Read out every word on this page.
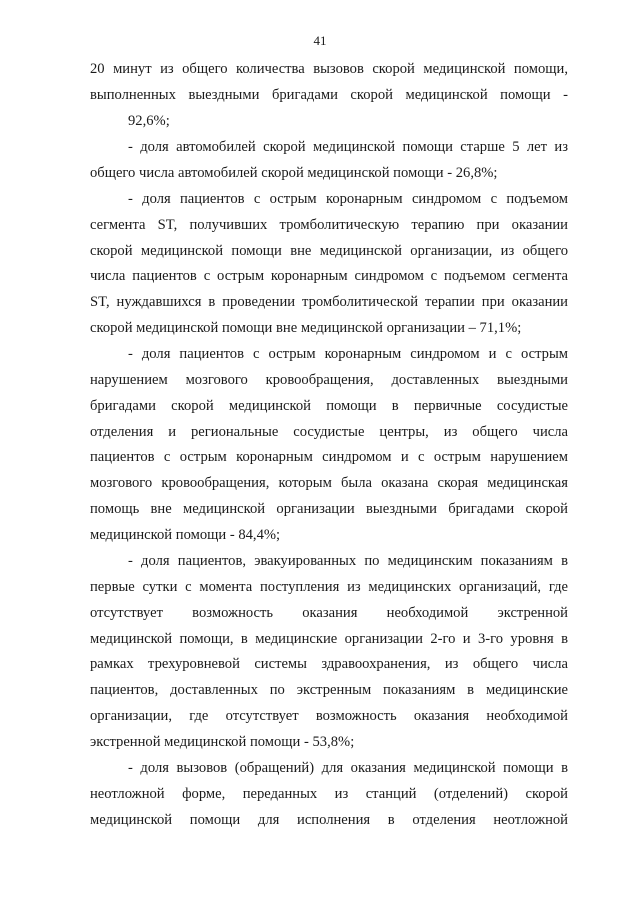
41
20 минут из общего количества вызовов скорой медицинской помощи,
выполненных выездными бригадами скорой медицинской помощи -
92,6%;
- доля автомобилей скорой медицинской помощи старше 5 лет из
общего числа автомобилей скорой медицинской помощи - 26,8%;
- доля пациентов с острым коронарным синдромом с подъемом
сегмента ST, получивших тромболитическую терапию при оказании
скорой медицинской помощи вне медицинской организации, из общего
числа пациентов с острым коронарным синдромом с подъемом сегмента
ST, нуждавшихся в проведении тромболитической терапии при оказании
скорой медицинской помощи вне медицинской организации – 71,1%;
- доля пациентов с острым коронарным синдромом и с острым
нарушением мозгового кровообращения, доставленных выездными
бригадами скорой медицинской помощи в первичные сосудистые
отделения и региональные сосудистые центры, из общего числа
пациентов с острым коронарным синдромом и с острым нарушением
мозгового кровообращения, которым была оказана скорая медицинская
помощь вне медицинской организации выездными бригадами скорой
медицинской помощи - 84,4%;
- доля пациентов, эвакуированных по медицинским показаниям в
первые сутки с момента поступления из медицинских организаций, где
отсутствует возможность оказания необходимой экстренной
медицинской помощи, в медицинские организации 2-го и 3-го уровня в
рамках трехуровневой системы здравоохранения, из общего числа
пациентов, доставленных по экстренным показаниям в медицинские
организации, где отсутствует возможность оказания необходимой
экстренной медицинской помощи - 53,8%;
- доля вызовов (обращений) для оказания медицинской помощи в
неотложной форме, переданных из станций (отделений) скорой
медицинской помощи для исполнения в отделения неотложной
